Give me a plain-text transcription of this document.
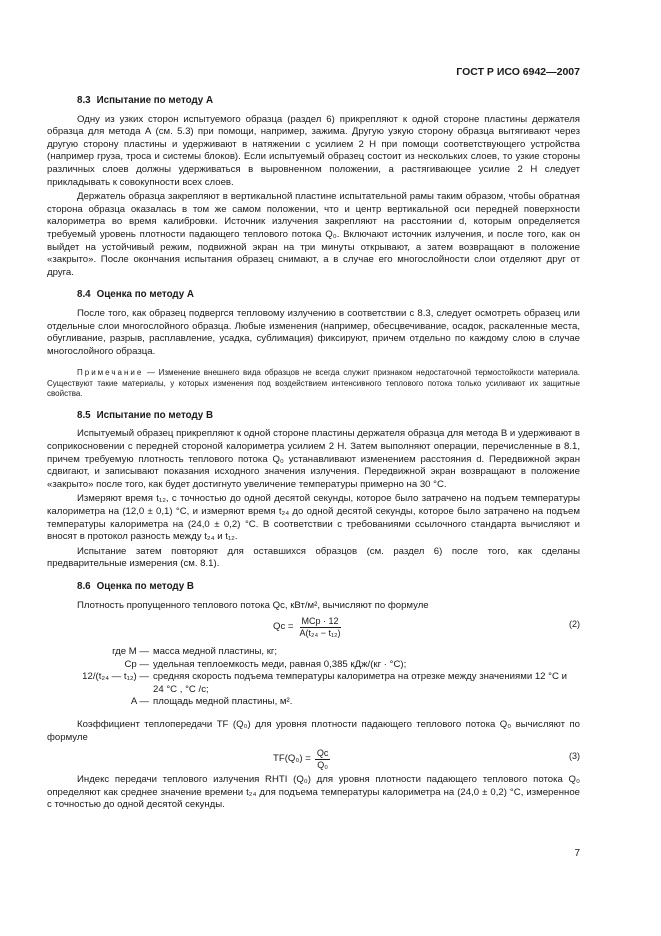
ГОСТ Р ИСО 6942—2007
8.3 Испытание по методу А

Одну из узких сторон испытуемого образца (раздел 6) прикрепляют к одной стороне пластины держателя образца для метода А (см. 5.3) при помощи, например, зажима. Другую узкую сторону образца вытягивают через другую сторону пластины и удерживают в натяжении с усилием 2 Н при помощи соответствующего устройства (например груза, троса и системы блоков). Если испытуемый образец состоит из нескольких слоев, то узкие стороны различных слоев должны удерживаться в выровненном положении, а растягивающее усилие 2 Н следует прикладывать к совокупности всех слоев.

Держатель образца закрепляют в вертикальной пластине испытательной рамы таким образом, чтобы обратная сторона образца оказалась в том же самом положении, что и центр вертикальной оси передней поверхности калориметра во время калибровки. Источник излучения закрепляют на расстоянии d, которым определяется требуемый уровень плотности падающего теплового потока Q₀. Включают источник излучения, и после того, как он выйдет на устойчивый режим, подвижной экран на три минуты открывают, а затем возвращают в положение «закрыто». После окончания испытания образец снимают, а в случае его многослойности слои отделяют друг от друга.

8.4 Оценка по методу А

После того, как образец подвергся тепловому излучению в соответствии с 8.3, следует осмотреть образец или отдельные слои многослойного образца. Любые изменения (например, обесцвечивание, осадок, раскаленные места, обугливание, разрыв, расплавление, усадка, сублимация) фиксируют, причем отдельно по каждому слою в случае многослойного образца.

Примечание — Изменение внешнего вида образцов не всегда служит признаком недостаточной термостойкости материала. Существуют такие материалы, у которых изменения под воздействием интенсивного теплового потока только усиливают их защитные свойства.
8.5 Испытание по методу В

Испытуемый образец прикрепляют к одной стороне пластины держателя образца для метода В и удерживают в соприкосновении с передней стороной калориметра усилием 2 Н. Затем выполняют операции, перечисленные в 8.1, причем требуемую плотность теплового потока Q₀ устанавливают изменением расстояния d. Передвижной экран сдвигают, и записывают показания исходного значения излучения. Передвижной экран возвращают в положение «закрыто» после того, как будет достигнуто увеличение температуры примерно на 30 °С.

Измеряют время t₁₂, с точностью до одной десятой секунды, которое было затрачено на подъем температуры калориметра на (12,0 ± 0,1) °С, и измеряют время t₂₄ до одной десятой секунды, которое было затрачено на подъем температуры калориметра на (24,0 ± 0,2) °С. В соответствии с требованиями ссылочного стандарта вычисляют и вносят в протокол разность между t₂₄ и t₁₂.

Испытание затем повторяют для оставшихся образцов (см. раздел 6) после того, как сделаны предварительные измерения (см. 8.1).

8.6 Оценка по методу В

Плотность пропущенного теплового потока Qс, кВт/м², вычисляют по формуле

$Qc = \frac{\text{MCp · 12}}{\text{A(t₂₄ − t₁₂)}}$	(2)
где M — масса медной пластины, кг;
Cp — удельная теплоемкость меди, равная 0,385 кДж/(кг · °С);
12/(t₂₄ — t₁₂) — средняя скорость подъема температуры калориметра на отрезке между значениями 12 °С и 24 °С , °С /с;
A — площадь медной пластины, м².

Коэффициент теплопередачи TF (Q₀) для уровня плотности падающего теплового потока Q₀ вычисляют по формуле

$TF(Q_0) = \frac{Qc}{\text{Q₀}}$	(3)

Индекс передачи теплового излучения RHTI (Q₀) для уровня плотности падающего теплового потока Q₀ определяют как среднее значение времени t₂₄ для подъема температуры калориметра на (24,0 ± 0,2) °С, измеренное с точностью до одной десятой секунды.

7
